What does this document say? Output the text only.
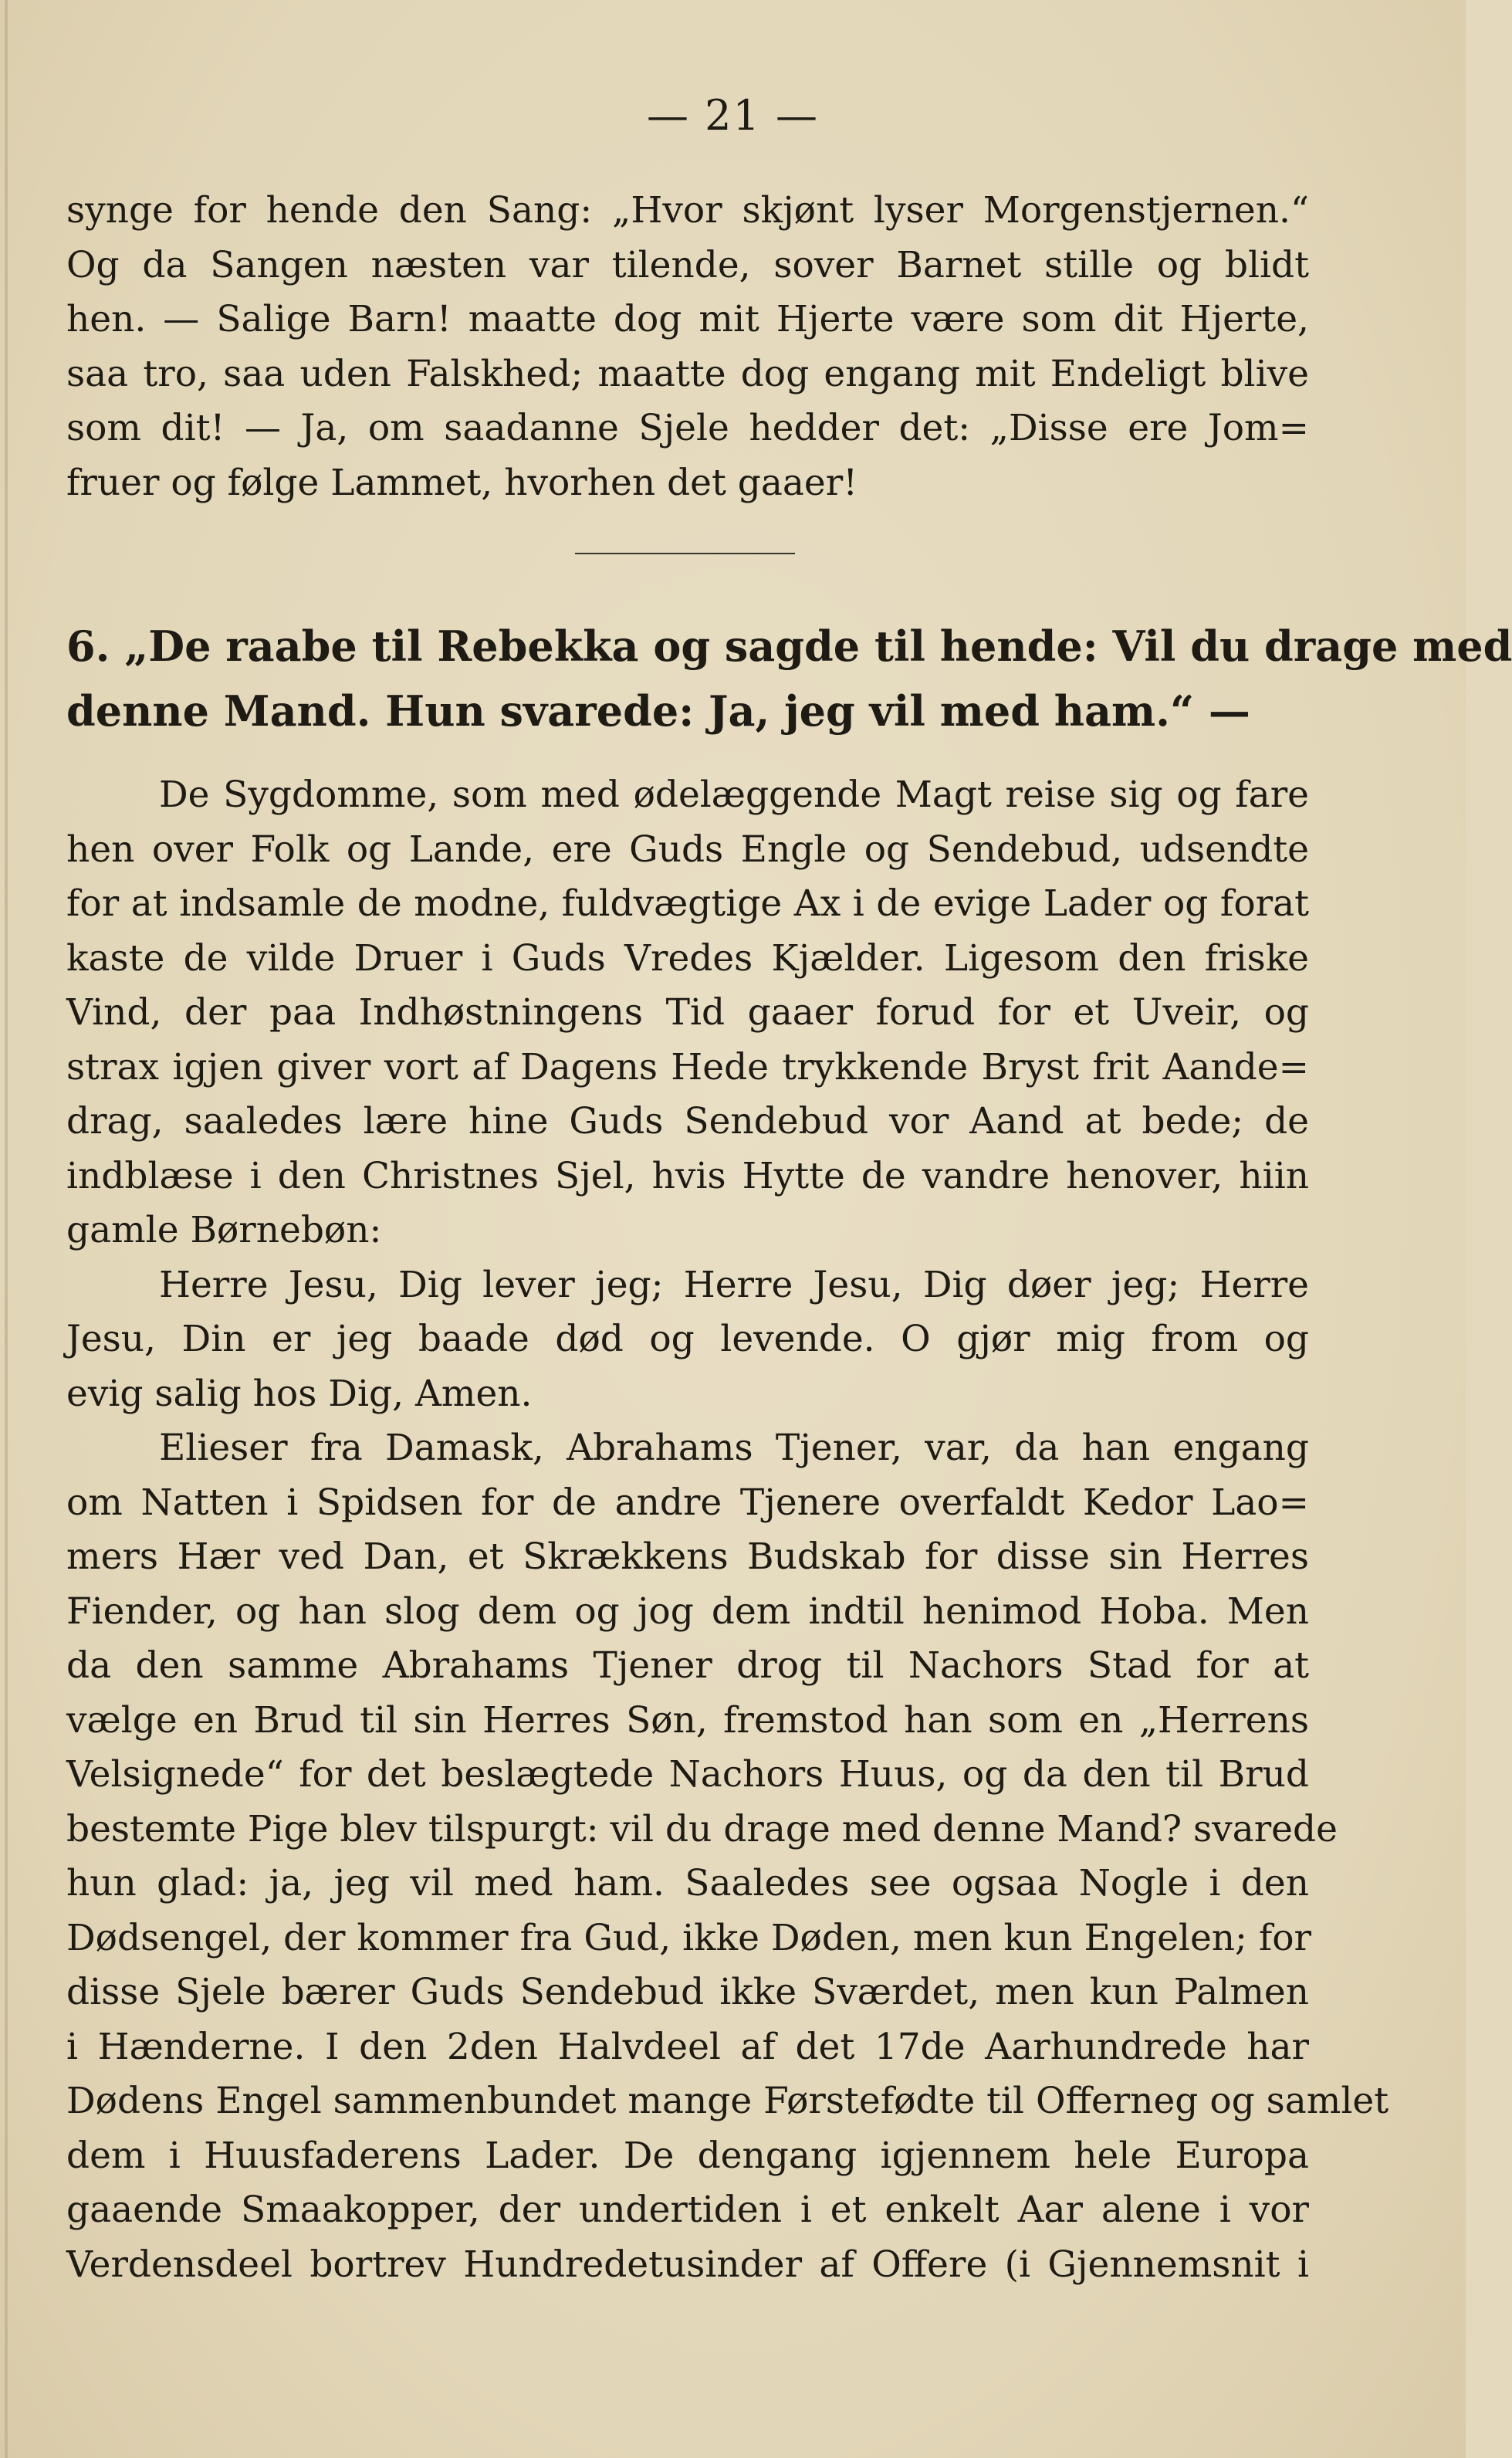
— 21 —
synge for hende den Sang: „Hvor skjønt lyser Morgenstjernen.“
Og da Sangen næsten var tilende, sover Barnet stille og blidt
hen. — Salige Barn! maatte dog mit Hjerte være som dit Hjerte,
saa tro, saa uden Falskhed; maatte dog engang mit Endeligt blive
som dit! — Ja, om saadanne Sjele hedder det: „Disse ere Jom=
fruer og følge Lammet, hvorhen det gaaer!
6. „De raabe til Rebekka og sagde til hende: Vil du drage med
denne Mand. Hun svarede: Ja, jeg vil med ham.“ —
De Sygdomme, som med ødelæggende Magt reise sig og fare
hen over Folk og Lande, ere Guds Engle og Sendebud, udsendte
for at indsamle de modne, fuldvægtige Ax i de evige Lader og forat
kaste de vilde Druer i Guds Vredes Kjælder. Ligesom den friske
Vind, der paa Indhøstningens Tid gaaer forud for et Uveir, og
strax igjen giver vort af Dagens Hede trykkende Bryst frit Aande=
drag, saaledes lære hine Guds Sendebud vor Aand at bede; de
indblæse i den Christnes Sjel, hvis Hytte de vandre henover, hiin
gamle Børnebøn:
Herre Jesu, Dig lever jeg; Herre Jesu, Dig døer jeg; Herre
Jesu, Din er jeg baade død og levende. O gjør mig from og
evig salig hos Dig, Amen.
Elieser fra Damask, Abrahams Tjener, var, da han engang
om Natten i Spidsen for de andre Tjenere overfaldt Kedor Lao=
mers Hær ved Dan, et Skrækkens Budskab for disse sin Herres
Fiender, og han slog dem og jog dem indtil henimod Hoba. Men
da den samme Abrahams Tjener drog til Nachors Stad for at
vælge en Brud til sin Herres Søn, fremstod han som en „Herrens
Velsignede“ for det beslægtede Nachors Huus, og da den til Brud
bestemte Pige blev tilspurgt: vil du drage med denne Mand? svarede
hun glad: ja, jeg vil med ham. Saaledes see ogsaa Nogle i den
Dødsengel, der kommer fra Gud, ikke Døden, men kun Engelen; for
disse Sjele bærer Guds Sendebud ikke Sværdet, men kun Palmen
i Hænderne. I den 2den Halvdeel af det 17de Aarhundrede har
Dødens Engel sammenbundet mange Førstefødte til Offerneg og samlet
dem i Huusfaderens Lader. De dengang igjennem hele Europa
gaaende Smaakopper, der undertiden i et enkelt Aar alene i vor
Verdensdeel bortrev Hundredetusinder af Offere (i Gjennemsnit i
